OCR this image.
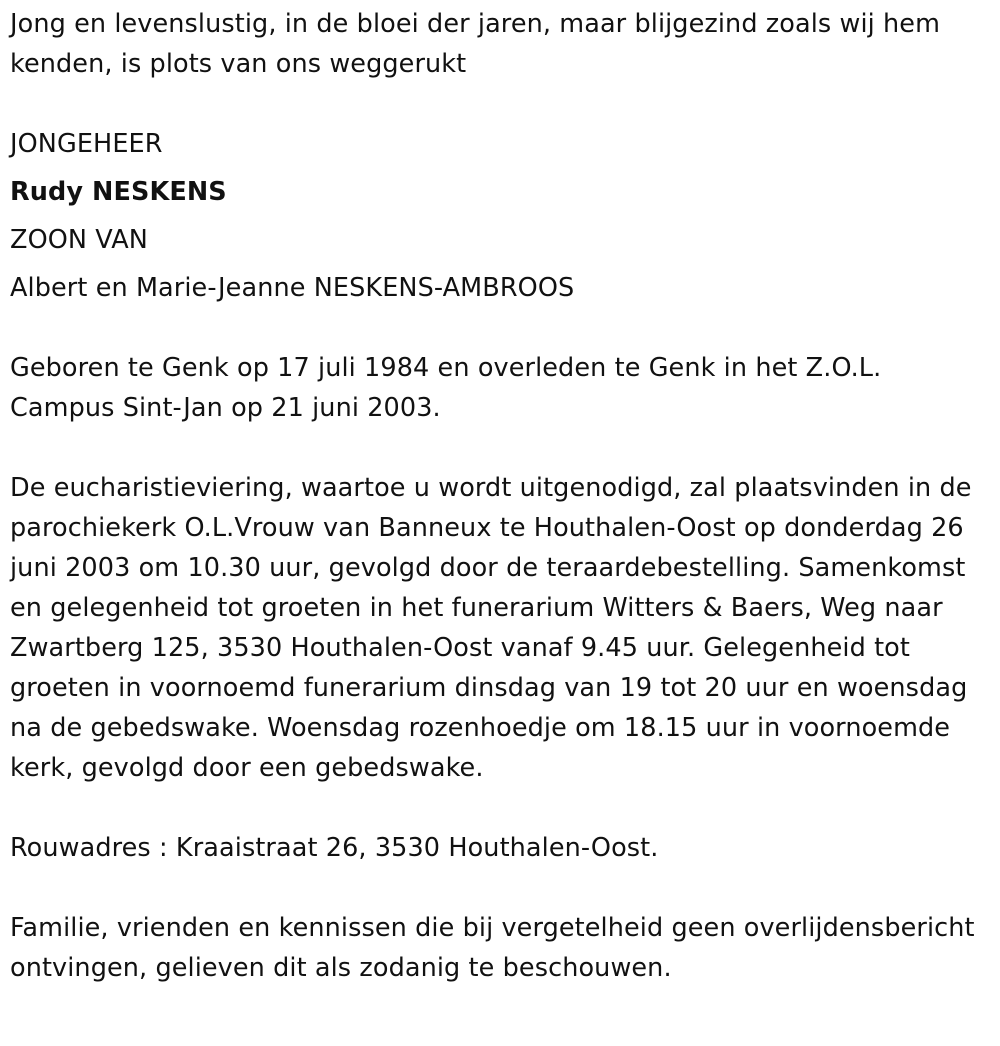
Jong en levenslustig, in de bloei der jaren, maar blijgezind zoals wij hem kenden, is plots van ons weggerukt

JONGEHEER

Rudy NESKENS

ZOON VAN

Albert en Marie-Jeanne NESKENS-AMBROOS

Geboren te Genk op 17 juli 1984 en overleden te Genk in het Z.O.L. Campus Sint-Jan op 21 juni 2003.

De eucharistieviering, waartoe u wordt uitgenodigd, zal plaatsvinden in de parochiekerk O.L.Vrouw van Banneux te Houthalen-Oost op donderdag 26 juni 2003 om 10.30 uur, gevolgd door de teraardebestelling. Samenkomst en gelegenheid tot groeten in het funerarium Witters & Baers, Weg naar Zwartberg 125, 3530 Houthalen-Oost vanaf 9.45 uur. Gelegenheid tot groeten in voornoemd funerarium dinsdag van 19 tot 20 uur en woensdag na de gebedswake. Woensdag rozenhoedje om 18.15 uur in voornoemde kerk, gevolgd door een gebedswake.

Rouwadres : Kraaistraat 26, 3530 Houthalen-Oost.

Familie, vrienden en kennissen die bij vergetelheid geen overlijdensbericht ontvingen, gelieven dit als zodanig te beschouwen.
